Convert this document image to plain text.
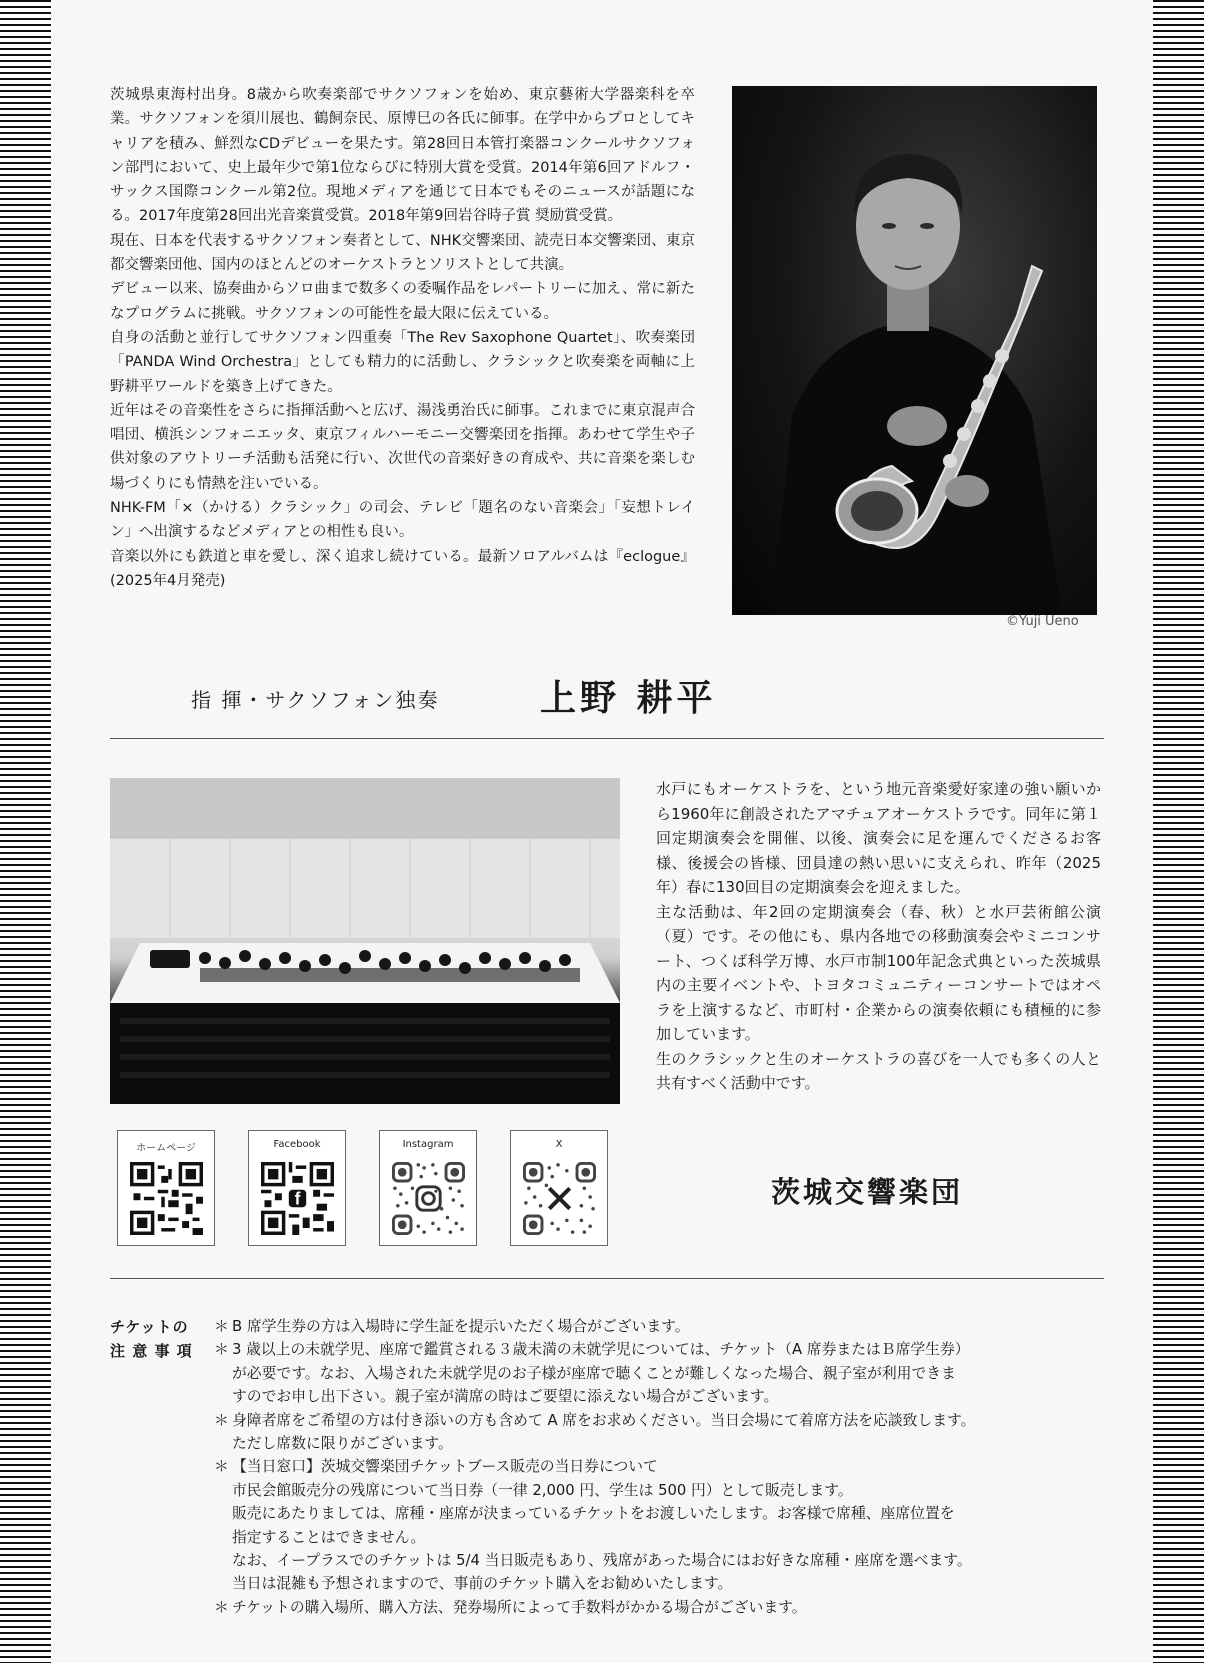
茨城県東海村出身。8歳から吹奏楽部でサクソフォンを始め、東京藝術大学器楽科を卒業。サクソフォンを須川展也、鶴飼奈民、原博巳の各氏に師事。在学中からプロとしてキャリアを積み、鮮烈なCDデビューを果たす。第28回日本管打楽器コンクールサクソフォン部門において、史上最年少で第1位ならびに特別大賞を受賞。2014年第6回アドルフ・サックス国際コンクール第2位。現地メディアを通じて日本でもそのニュースが話題になる。2017年度第28回出光音楽賞受賞。2018年第9回岩谷時子賞 奨励賞受賞。

現在、日本を代表するサクソフォン奏者として、NHK交響楽団、読売日本交響楽団、東京都交響楽団他、国内のほとんどのオーケストラとソリストとして共演。

デビュー以来、協奏曲からソロ曲まで数多くの委嘱作品をレパートリーに加え、常に新たなプログラムに挑戦。サクソフォンの可能性を最大限に伝えている。

自身の活動と並行してサクソフォン四重奏「The Rev Saxophone Quartet」、吹奏楽団「PANDA Wind Orchestra」としても精力的に活動し、クラシックと吹奏楽を両軸に上野耕平ワールドを築き上げてきた。

近年はその音楽性をさらに指揮活動へと広げ、湯浅勇治氏に師事。これまでに東京混声合唱団、横浜シンフォニエッタ、東京フィルハーモニー交響楽団を指揮。あわせて学生や子供対象のアウトリーチ活動も活発に行い、次世代の音楽好きの育成や、共に音楽を楽しむ場づくりにも情熱を注いでいる。

NHK-FM「×（かける）クラシック」の司会、テレビ「題名のない音楽会」「妄想トレイン」へ出演するなどメディアとの相性も良い。

音楽以外にも鉄道と車を愛し、深く追求し続けている。最新ソロアルバムは『eclogue』 (2025年4月発売)

©Yuji Ueno
指 揮・サクソフォン独奏	上野 耕平

水戸にもオーケストラを、という地元音楽愛好家達の強い願いから1960年に創設されたアマチュアオーケストラです。同年に第１回定期演奏会を開催、以後、演奏会に足を運んでくださるお客様、後援会の皆様、団員達の熱い思いに支えられ、昨年（2025年）春に130回目の定期演奏会を迎えました。

主な活動は、年2回の定期演奏会（春、秋）と水戸芸術館公演（夏）です。その他にも、県内各地での移動演奏会やミニコンサート、つくば科学万博、水戸市制100年記念式典といった茨城県内の主要イベントや、トヨタコミュニティーコンサートではオペラを上演するなど、市町村・企業からの演奏依頼にも積極的に参加しています。

生のクラシックと生のオーケストラの喜びを一人でも多くの人と共有すべく活動中です。

茨城交響楽団
ホームページ	Facebook
f
Instagram	X
チケットの
注 意 事 項
＊ B 席学生券の方は入場時に学生証を提示いただく場合がございます。
＊ 3 歳以上の未就学児、座席で鑑賞される３歳未満の未就学児については、チケット（A 席券またはＢ席学生券）
が必要です。なお、入場された未就学児のお子様が座席で聴くことが難しくなった場合、親子室が利用できま
すのでお申し出下さい。親子室が満席の時はご要望に添えない場合がございます。
＊ 身障者席をご希望の方は付き添いの方も含めて A 席をお求めください。当日会場にて着席方法を応談致します。
ただし席数に限りがございます。
＊ 【当日窓口】茨城交響楽団チケットブース販売の当日券について
市民会館販売分の残席について当日券（一律 2,000 円、学生は 500 円）として販売します。
販売にあたりましては、席種・座席が決まっているチケットをお渡しいたします。お客様で席種、座席位置を
指定することはできません。
なお、イープラスでのチケットは 5/4 当日販売もあり、残席があった場合にはお好きな席種・座席を選べます。
当日は混雑も予想されますので、事前のチケット購入をお勧めいたします。
＊ チケットの購入場所、購入方法、発券場所によって手数料がかかる場合がございます。
